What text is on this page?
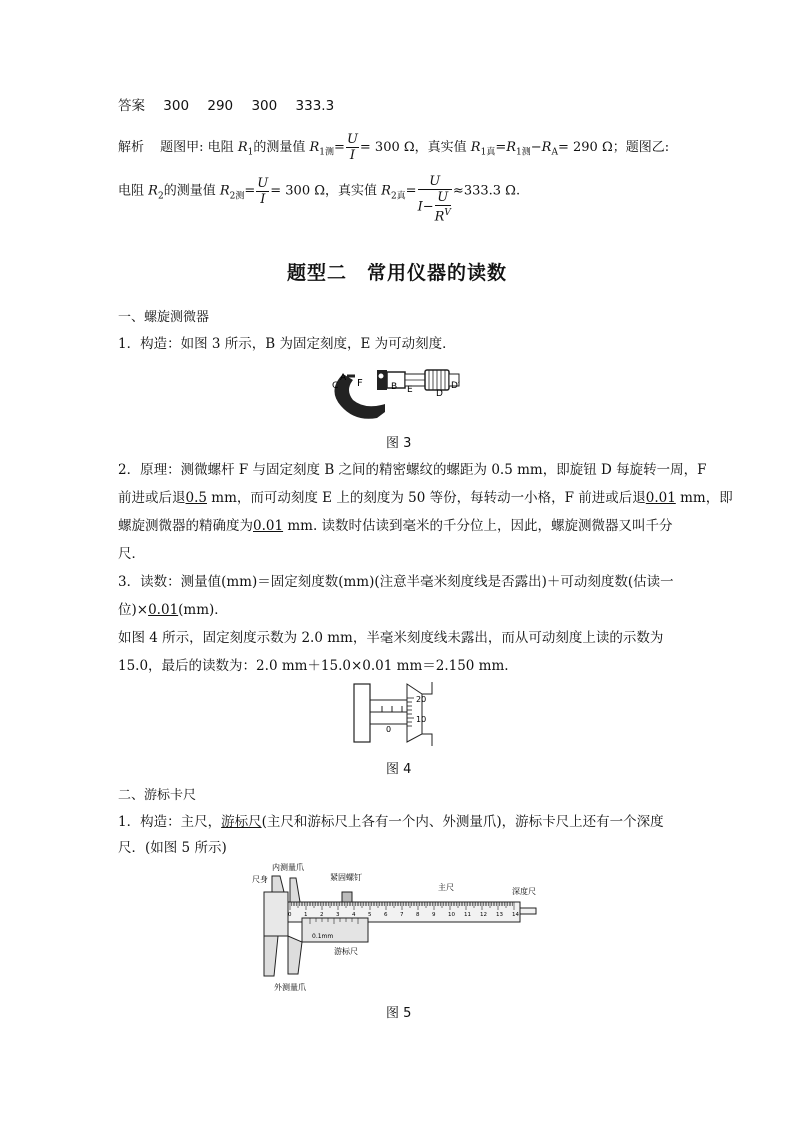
答案 300 290 300 333.3
解析 题图甲: 电阻 $R_1$的测量值 $R_{1测}= \frac{U}{I} = 300$ Ω，真实值 $R_{1真}=R_{1测}-R_A= 290$ Ω；题图乙:
电阻 $R_2$的测量值 $R_{2测}= \frac{U}{I} = 300$ Ω，真实值 $R_{2真}= \frac{U}{I- \frac{U}{R^V}} \approx 333.3$ Ω.
题型二　常用仪器的读数
一、螺旋测微器
1．构造：如图 3 所示，B 为固定刻度，E 为可动刻度．
C
A F	B E	D
D′
图 3
2．原理：测微螺杆 F 与固定刻度 B 之间的精密螺纹的螺距为 0.5 mm，即旋钮 D 每旋转一周，F
前进或后退0.5 mm，而可动刻度 E 上的刻度为 50 等份，每转动一小格，F 前进或后退0.01 mm，即
螺旋测微器的精确度为0.01 mm. 读数时估读到毫米的千分位上，因此，螺旋测微器又叫千分
尺．
3．读数：测量值(mm)＝固定刻度数(mm)(注意半毫米刻度线是否露出)＋可动刻度数(估读一
位)×0.01(mm)．
如图 4 所示，固定刻度示数为 2.0 mm，半毫米刻度线未露出，而从可动刻度上读的示数为
15.0，最后的读数为：2.0 mm＋15.0×0.01 mm＝2.150 mm.
20
10
0
图 4
二、游标卡尺
1．构造：主尺，游标尺(主尺和游标尺上各有一个内、外测量爪)，游标卡尺上还有一个深度
尺．(如图 5 所示)
尺身
内测量爪
紧固螺钉
主尺	深度尺
游标尺
0.1mm
外测量爪
0 1 2 3 4 5 6 7 8 9 10 11 12 13 14
图 5
